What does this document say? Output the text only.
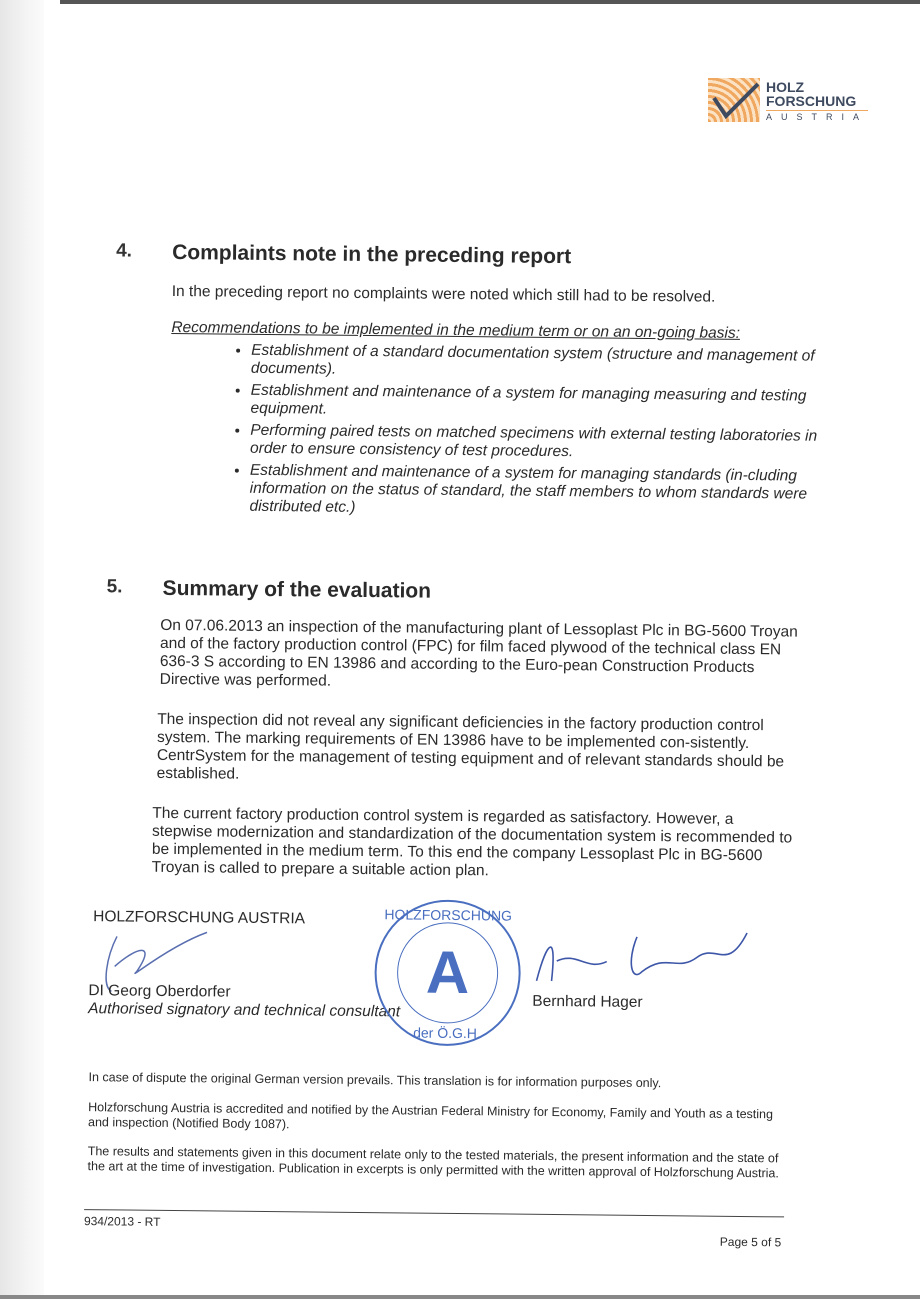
HOLZ
FORSCHUNG
AUSTRIA
4. Complaints note in the preceding report

In the preceding report no complaints were noted which still had to be resolved.

Recommendations to be implemented in the medium term or on an on-going basis:
• Establishment of a standard documentation system (structure and management of documents).
• Establishment and maintenance of a system for managing measuring and testing equipment.
• Performing paired tests on matched specimens with external testing laboratories in order to ensure consistency of test procedures.
• Establishment and maintenance of a system for managing standards (in-cluding information on the status of standard, the staff members to whom standards were distributed etc.)
5. Summary of the evaluation

On 07.06.2013 an inspection of the manufacturing plant of Lessoplast Plc in BG-5600 Troyan and of the factory production control (FPC) for film faced plywood of the technical class EN 636-3 S according to EN 13986 and according to the Euro-pean Construction Products Directive was performed.

The inspection did not reveal any significant deficiencies in the factory production control system. The marking requirements of EN 13986 have to be implemented con-sistently. CentrSystem for the management of testing equipment and of relevant standards should be established.

The current factory production control system is regarded as satisfactory. However, a stepwise modernization and standardization of the documentation system is recommended to be implemented in the medium term. To this end the company Lessoplast Plc in BG-5600 Troyan is called to prepare a suitable action plan.

HOLZFORSCHUNG AUSTRIA
DI Georg Oberdorfer
Authorised signatory and technical consultant
A
HOLZFORSCHUNG
der Ö.G.H.
Bernhard Hager
In case of dispute the original German version prevails. This translation is for information purposes only.
Holzforschung Austria is accredited and notified by the Austrian Federal Ministry for Economy, Family and Youth as a testing and inspection (Notified Body 1087).
The results and statements given in this document relate only to the tested materials, the present information and the state of the art at the time of investigation. Publication in excerpts is only permitted with the written approval of Holzforschung Austria.
934/2013 - RT
Page 5 of 5
